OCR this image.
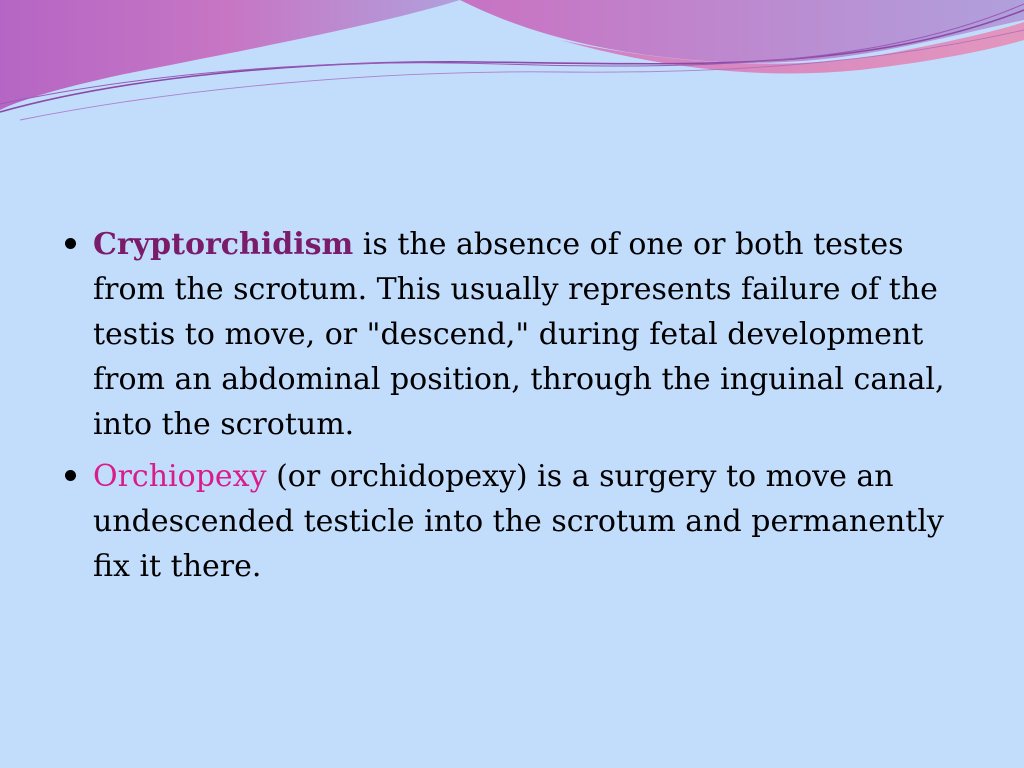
Cryptorchidism is the absence of one or both testes from the scrotum. This usually represents failure of the testis to move, or "descend," during fetal development from an abdominal position, through the inguinal canal, into the scrotum.
Orchiopexy (or orchidopexy) is a surgery to move an undescended testicle into the scrotum and permanently fix it there.
